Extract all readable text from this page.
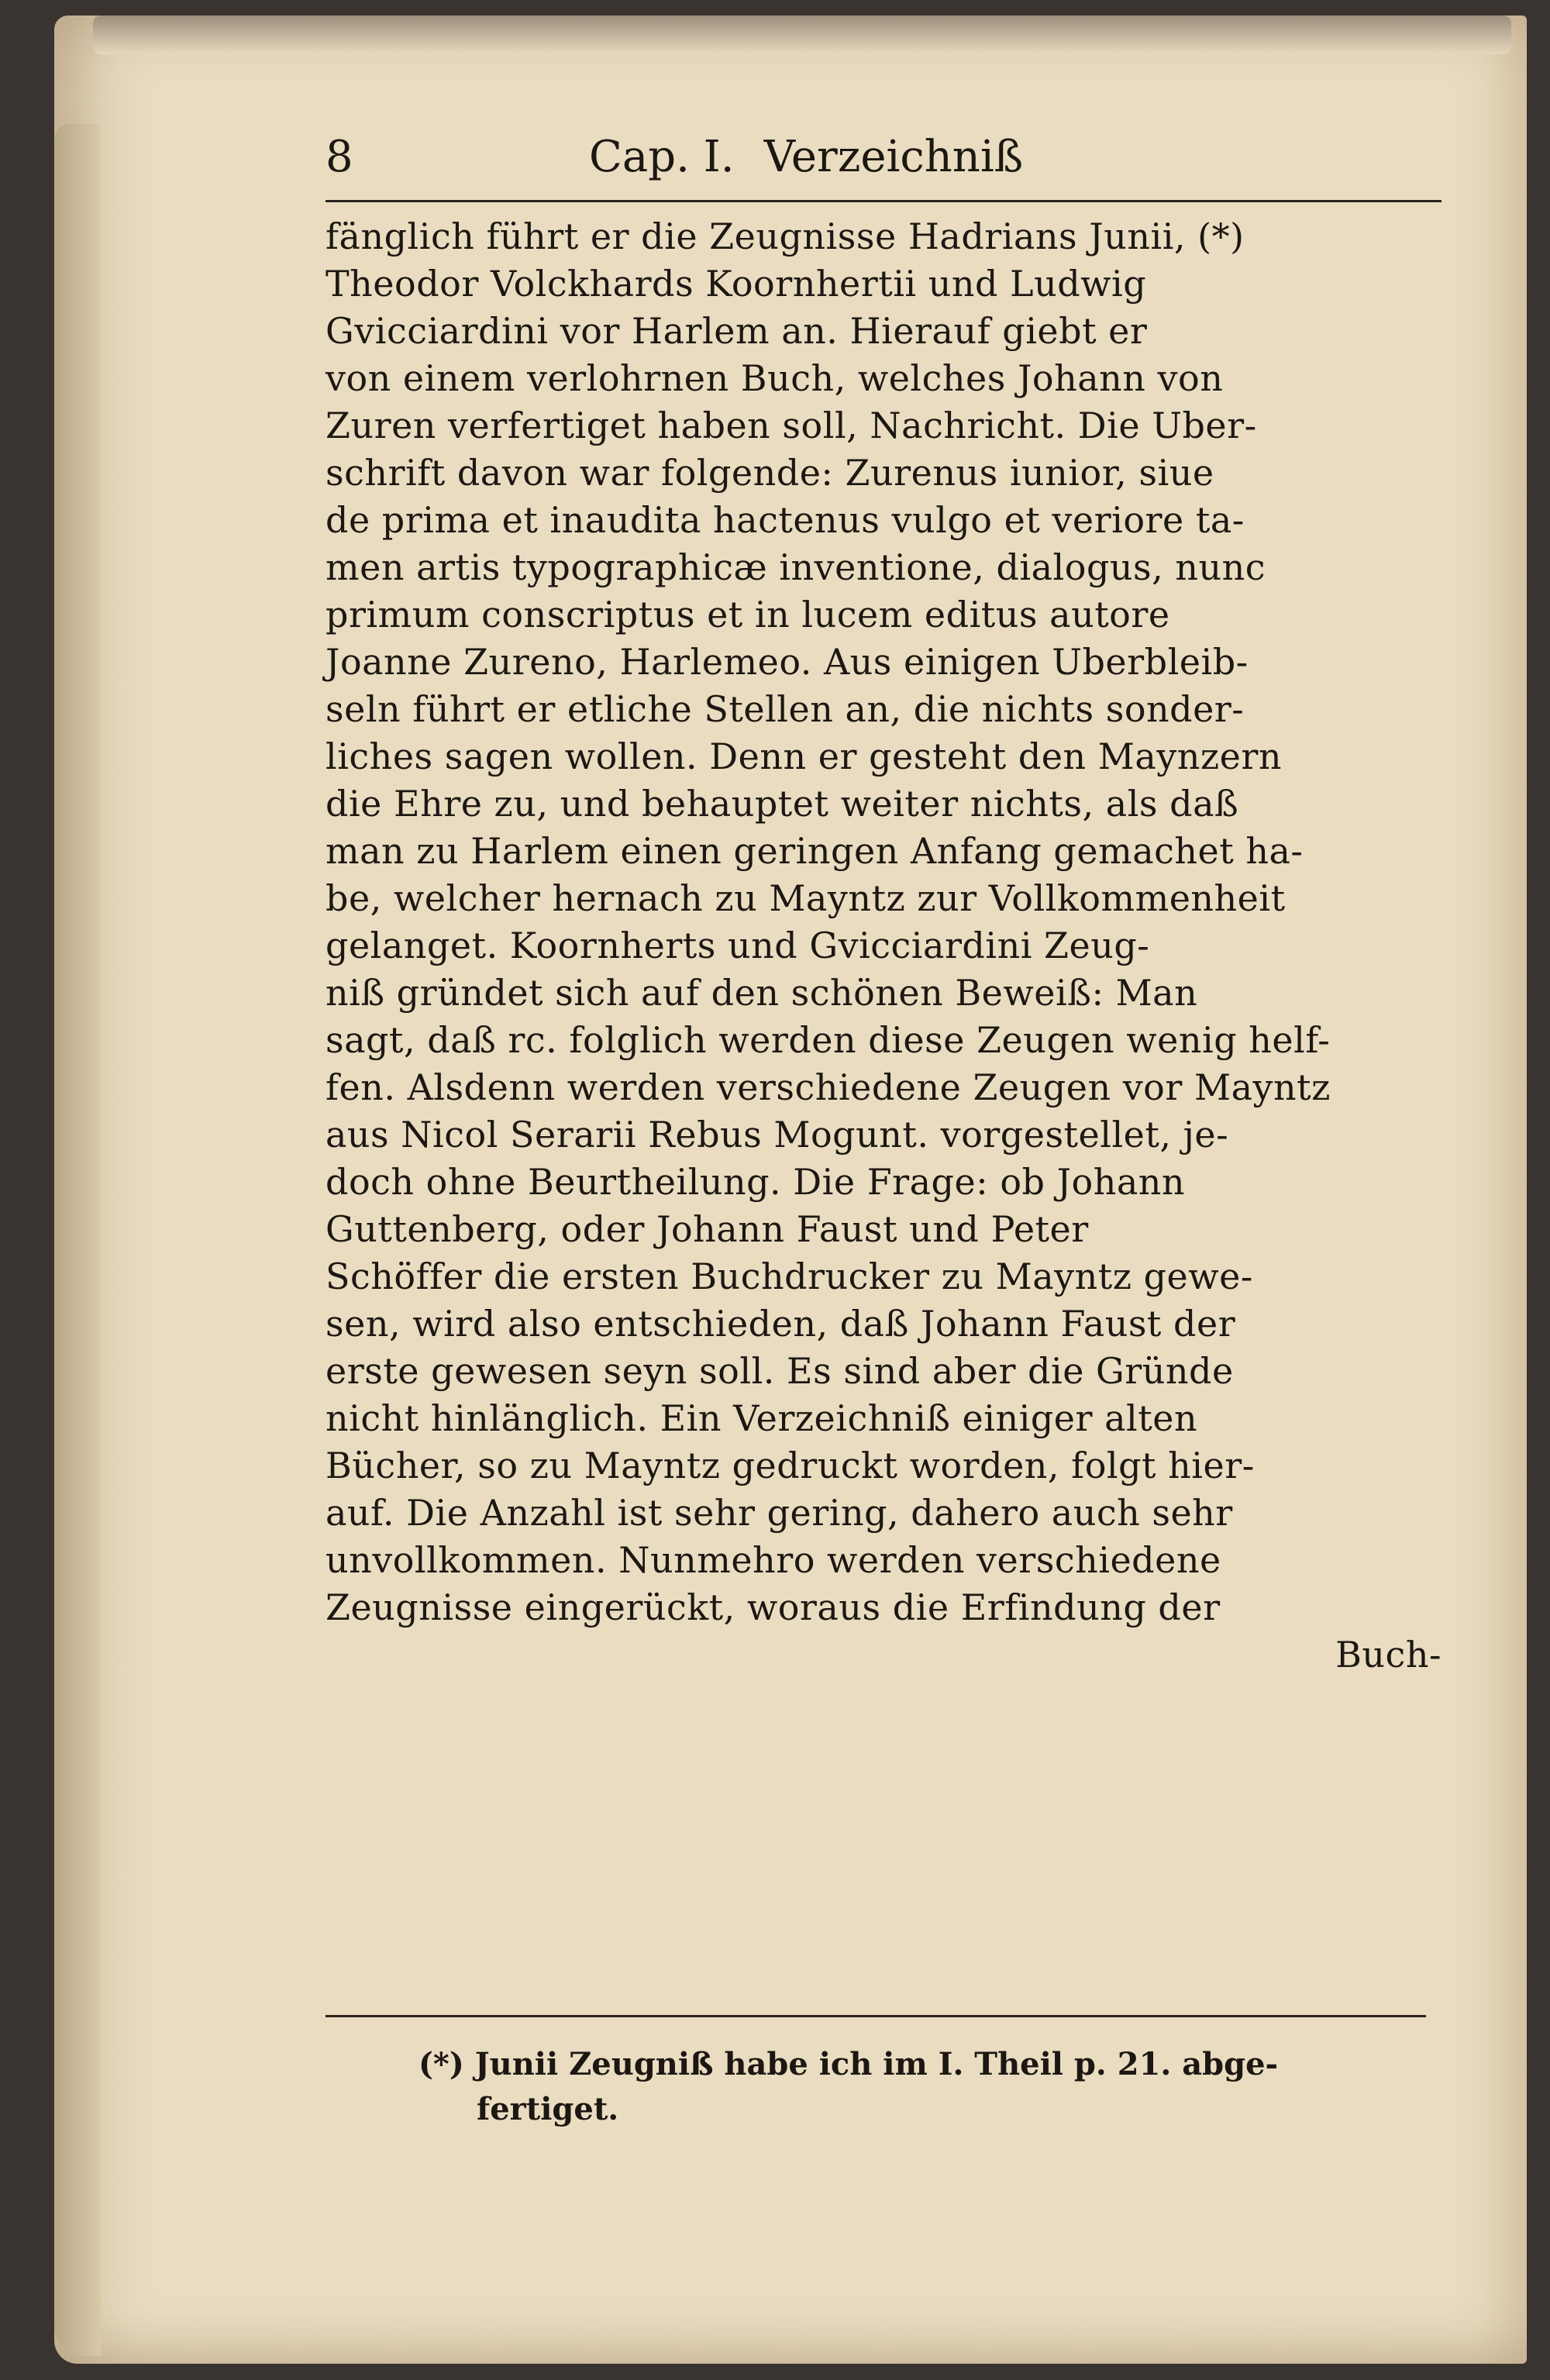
8	Cap. I. Verzeichniß
fänglich führt er die Zeugnisse Hadrians Junii, (*)
Theodor Volckhards Koornhertii und Ludwig
Gvicciardini vor Harlem an. Hierauf giebt er
von einem verlohrnen Buch, welches Johann von
Zuren verfertiget haben soll, Nachricht. Die Uber-
schrift davon war folgende: Zurenus iunior, siue
de prima et inaudita hactenus vulgo et veriore ta-
men artis typographicæ inventione, dialogus, nunc
primum conscriptus et in lucem editus autore
Joanne Zureno, Harlemeo. Aus einigen Uberbleib-
seln führt er etliche Stellen an, die nichts sonder-
liches sagen wollen. Denn er gesteht den Maynzern
die Ehre zu, und behauptet weiter nichts, als daß
man zu Harlem einen geringen Anfang gemachet ha-
be, welcher hernach zu Mayntz zur Vollkommenheit
gelanget. Koornherts und Gvicciardini Zeug-
niß gründet sich auf den schönen Beweiß: Man
sagt, daß rc. folglich werden diese Zeugen wenig helf-
fen. Alsdenn werden verschiedene Zeugen vor Mayntz
aus Nicol Serarii Rebus Mogunt. vorgestellet, je-
doch ohne Beurtheilung. Die Frage: ob Johann
Guttenberg, oder Johann Faust und Peter
Schöffer die ersten Buchdrucker zu Mayntz gewe-
sen, wird also entschieden, daß Johann Faust der
erste gewesen seyn soll. Es sind aber die Gründe
nicht hinlänglich. Ein Verzeichniß einiger alten
Bücher, so zu Mayntz gedruckt worden, folgt hier-
auf. Die Anzahl ist sehr gering, dahero auch sehr
unvollkommen. Nunmehro werden verschiedene
Zeugnisse eingerückt, woraus die Erfindung der
Buch-
(*) Junii Zeugniß habe ich im I. Theil p. 21. abge-
fertiget.
